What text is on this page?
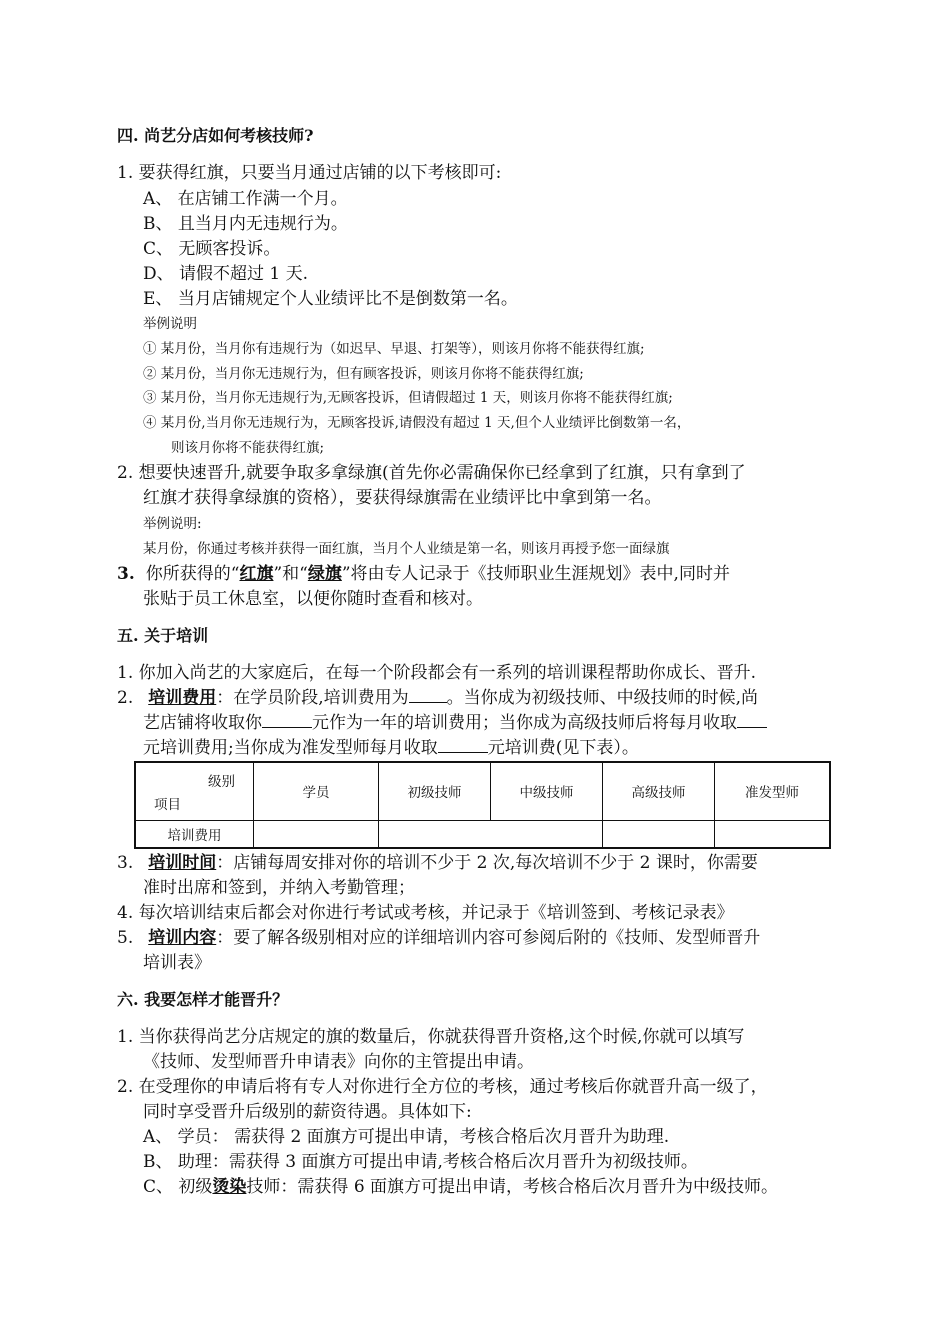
四. 尚艺分店如何考核技师?
1. 要获得红旗，只要当月通过店铺的以下考核即可:
A、 在店铺工作满一个月。
B、 且当月内无违规行为。
C、 无顾客投诉。
D、 请假不超过 1 天.
E、 当月店铺规定个人业绩评比不是倒数第一名。
举例说明
① 某月份，当月你有违规行为（如迟早、早退、打架等），则该月你将不能获得红旗;
② 某月份，当月你无违规行为，但有顾客投诉，则该月你将不能获得红旗;
③ 某月份，当月你无违规行为,无顾客投诉，但请假超过 1 天，则该月你将不能获得红旗;
④ 某月份,当月你无违规行为，无顾客投诉,请假没有超过 1 天,但个人业绩评比倒数第一名，
则该月你将不能获得红旗;
2. 想要快速晋升,就要争取多拿绿旗(首先你必需确保你已经拿到了红旗，只有拿到了
红旗才获得拿绿旗的资格），要获得绿旗需在业绩评比中拿到第一名。
举例说明:
某月份，你通过考核并获得一面红旗，当月个人业绩是第一名，则该月再授予您一面绿旗
3. 你所获得的“红旗”和“绿旗”将由专人记录于《技师职业生涯规划》表中,同时并
张贴于员工休息室，以便你随时查看和核对。
五. 关于培训
1. 你加入尚艺的大家庭后，在每一个阶段都会有一系列的培训课程帮助你成长、晋升.
2. 培训费用：在学员阶段,培训费用为 。当你成为初级技师、中级技师的时候,尚
艺店铺将收取你	元作为一年的培训费用；当你成为高级技师后将每月收取
元培训费用;当你成为准发型师每月收取	元培训费(见下表）。
级别
项目	学员	初级技师	中级技师	高级技师	准发型师
培训费用					
3. 培训时间：店铺每周安排对你的培训不少于 2 次,每次培训不少于 2 课时，你需要
准时出席和签到，并纳入考勤管理；
4. 每次培训结束后都会对你进行考试或考核，并记录于《培训签到、考核记录表》
5. 培训内容：要了解各级别相对应的详细培训内容可参阅后附的《技师、发型师晋升
培训表》
六. 我要怎样才能晋升？
1. 当你获得尚艺分店规定的旗的数量后，你就获得晋升资格,这个时候,你就可以填写
《技师、发型师晋升申请表》向你的主管提出申请。
2. 在受理你的申请后将有专人对你进行全方位的考核，通过考核后你就晋升高一级了，
同时享受晋升后级别的薪资待遇。具体如下:
A、 学员： 需获得 2 面旗方可提出申请，考核合格后次月晋升为助理.
B、 助理：需获得 3 面旗方可提出申请,考核合格后次月晋升为初级技师。
C、 初级烫染技师：需获得 6 面旗方可提出申请，考核合格后次月晋升为中级技师。
